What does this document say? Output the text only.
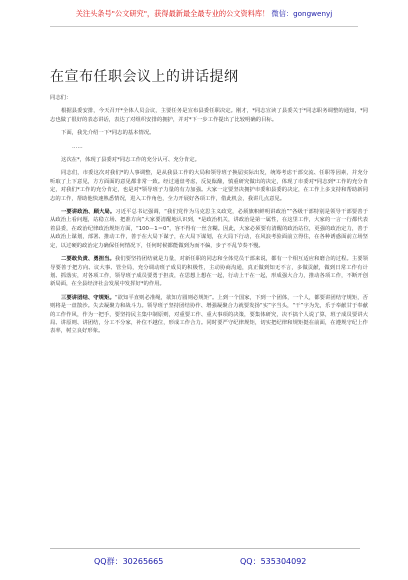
关注头条号"公文研究"，获得最新最全最专业的公文资料库！ 微信：gongwenyj
在宣布任职会议上的讲话提纲

同志们：

根据县委安排，今天召开*全体人员会议，主要任务是宣布县委任职决定。刚才，*同志宣读了县委关于*同志职务调整的通知，*同志也做了很好的表态讲话，表达了对组织安排的拥护，并对*下一步工作提出了比较明确的目标。

下面，我先介绍一下*同志的基本情况。

……

这次在*，体现了县委对*同志工作的充分认可、充分肯定。

同志们，市委这次对我们*的人事调整，是从我县工作的大局和领导班子换届实际出发，统筹考虑干部交流、任职等因素，并充分听取了上下意见，方方面面的意见都非常一致。经过通盘考虑，反复酝酿，慎重研究做出的决定，体现了市委对*同志到*工作的充分肯定，对我们*工作的充分肯定，也是对*领导班子力量的有力加强。大家一定要坚决拥护市委和县委的决定，在工作上多支持和帮助新同志的工作，帮助他快速熟悉情况，进入工作角色，全力开展好各项工作，借此机会，我讲几点意见。

一要讲政治、顾大局。习近平总书记强调，“我们党作为马克思主义政党，必须旗帜鲜明讲政治”“各级干部特别是领导干部要善于从政治上看问题，站稳立场、把准方向”大家要清醒地认识到，*是政治机关，讲政治是第一属性，在这里工作，大家的一言一行都代表着县委，在政治纪律政治规矩方面，“100－1＝0”，容不得有一丝含糊。因此，大家必须要有清醒的政治站位，更强的政治定力，善于从政治上谋划，部署、推动工作，善于在大局下谋子，在大局下谋划，在大局下行动，在风浪考验面前立得住，在各种诱惑面前立场坚定，以过硬的政治定力确保任何情况下，任何时候都能做到为而不偏，步子不乱节奏不慢。

二要敢负责、勇担当。我们要坚持团结就是力量，对新任职的同志和全体党员干部来说，都有一个相互适应和磨合的过程。主要领导要善于把方向、议大事、管全局，充分调动班子成员的积极性，主动协商沟通，真正做到知无不言，多做贡献，做到日常工作有计划、抓落实，对各项工作，领导班子成员要勇于担责，在思想上想在一起，行动上干在一起，形成强大合力，推动各项工作，不断开创新局面，在全县经济社会发展中发挥好*的作用。

三要讲团结、守规矩。“欲知平直则必准绳，欲知方圆则必规矩”。上到一个国家，下到一个团体，一个人，都要讲团结守规矩，否则将是一盘散沙。失去凝聚力和战斗力。领导班子坚持团结协作、增强凝聚合力就要发扬“实”字当头，“干”字为先，乐于奉献甘于奉献的工作作风，作为一把手，要坚持民主集中制原则，对重要工作、重大事项的决策，要集体研究，决不搞个人说了算，班子成员要讲大局、讲原则、讲团结，分工不分家，补位不越位，形成工作合力。同时要严守纪律规矩，切实把纪律和规矩挺在前面，在遵规守纪上作表率，树立良好形象。

QQ群：30265665	QQ：535304092
